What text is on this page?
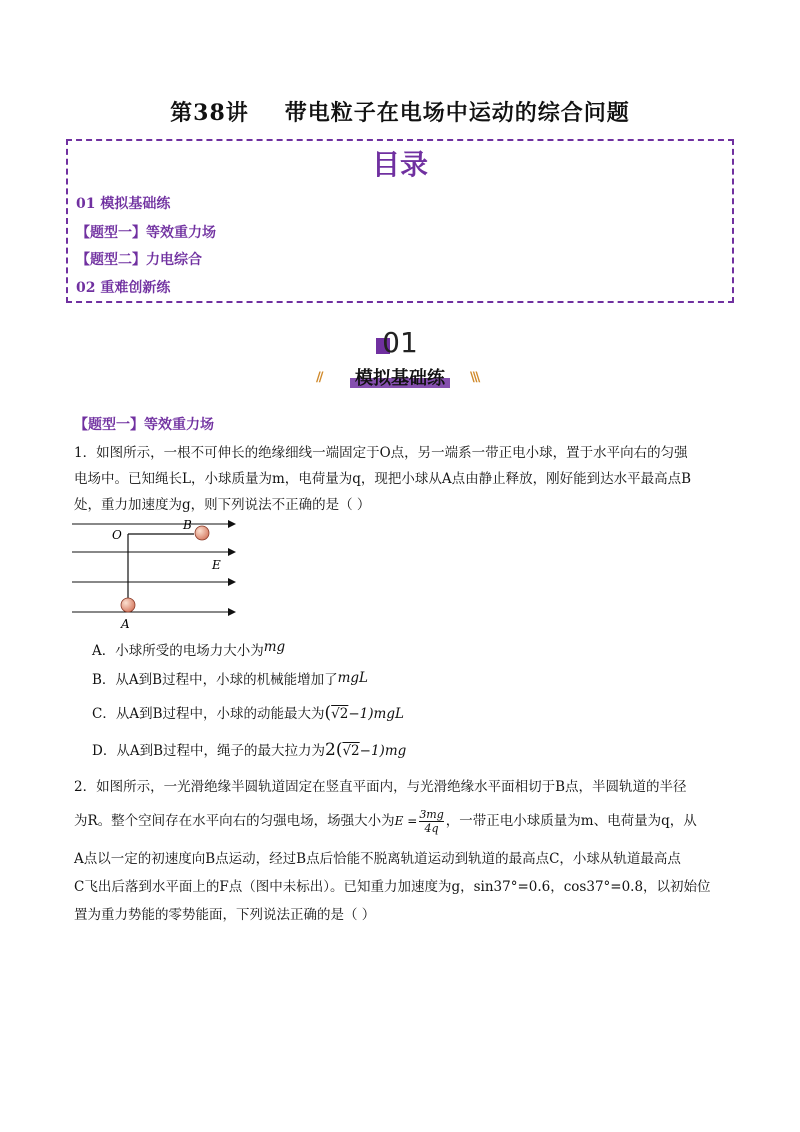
第38讲 带电粒子在电场中运动的综合问题
目录
01 模拟基础练
【题型一】等效重力场
【题型二】力电综合
02 重难创新练
01
//	模拟基础练	\\\
【题型一】等效重力场
1．如图所示，一根不可伸长的绝缘细线一端固定于O点，另一端系一带正电小球，置于水平向右的匀强
电场中。已知绳长L，小球质量为m，电荷量为q，现把小球从A点由静止释放，刚好能到达水平最高点B
处，重力加速度为g，则下列说法不正确的是（ ）
O
B
E
A
A．小球所受的电场力大小为mg
B．从A到B过程中，小球的机械能增加了mgL
C．从A到B过程中，小球的动能最大为(√2−1)mgL
D．从A到B过程中，绳子的最大拉力为2(√2−1)mg
2．如图所示，一光滑绝缘半圆轨道固定在竖直平面内，与光滑绝缘水平面相切于B点，半圆轨道的半径
为R。整个空间存在水平向右的匀强电场，场强大小为$E = \frac{3mg}{4q}$ ，一带正电小球质量为m、电荷量为q，从
A点以一定的初速度向B点运动，经过B点后恰能不脱离轨道运动到轨道的最高点C，小球从轨道最高点
C飞出后落到水平面上的F点（图中未标出）。已知重力加速度为g，sin37°=0.6，cos37°=0.8，以初始位
置为重力势能的零势能面，下列说法正确的是（ ）
